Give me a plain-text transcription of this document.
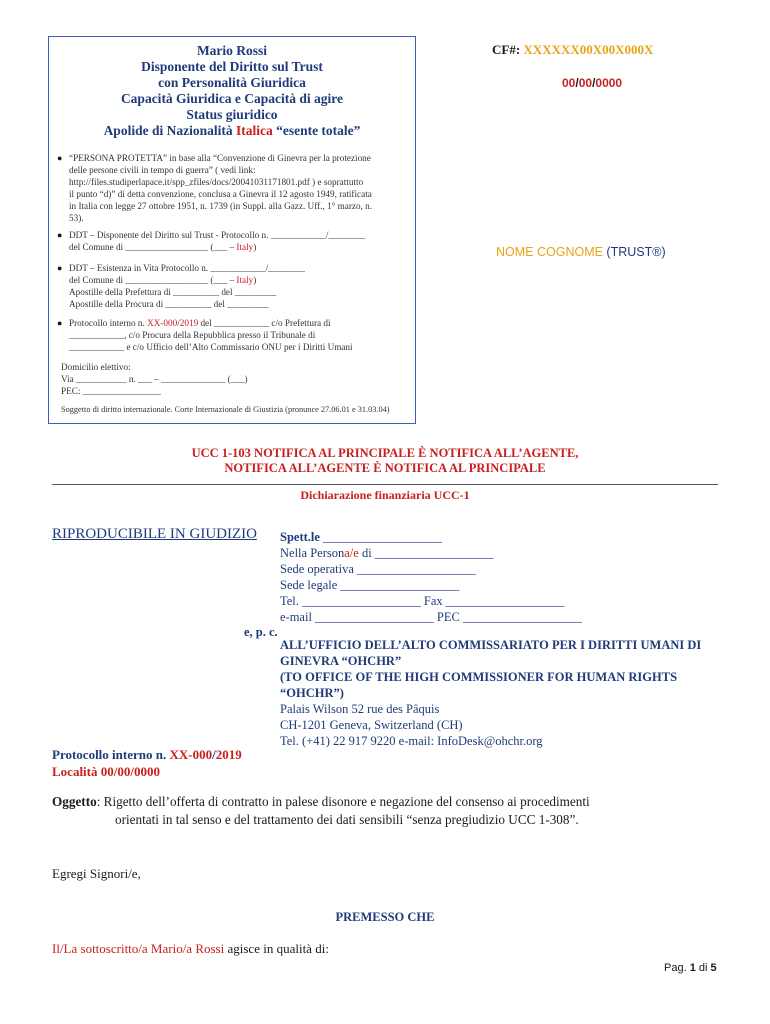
Mario Rossi
Disponente del Diritto sul Trust
con Personalità Giuridica
Capacità Giuridica e Capacità di agire
Status giuridico
Apolide di Nazionalità Italica “esente totale”
● “PERSONA PROTETTA” in base alla “Convenzione di Ginevra per la protezione
delle persone civili in tempo di guerra” ( vedi link:
http://files.studiperlapace.it/spp_zfiles/docs/20041031171801.pdf ) e soprattutto
il punto “d)” di detta convenzione, conclusa a Ginevra il 12 agosto 1949, ratificata
in Italia con legge 27 ottobre 1951, n. 1739 (in Suppl. alla Gazz. Uff., 1° marzo, n.
53).
● DDT – Disponente del Diritto sul Trust - Protocollo n. ____________/________
del Comune di __________________ (___ – Italy)
● DDT – Esistenza in Vita Protocollo n. ____________/________
del Comune di __________________ (___ – Italy)
Apostille della Prefettura di __________ del _________
Apostille della Procura di __________ del _________
● Protocollo interno n. XX-000/2019 del ____________ c/o Prefettura di
____________, c/o Procura della Repubblica presso il Tribunale di
____________ e c/o Ufficio dell’Alto Commissario ONU per i Diritti Umani
Domicilio elettivo:
Via ___________ n. ___ – ______________ (___)
PEC: _________________
Soggetto di diritto internazionale. Corte Internazionale di Giustizia (pronunce 27.06.01 e 31.03.04)
CF#: XXXXXX00X00X000X
00/00/0000
NOME COGNOME (TRUST®)
UCC 1-103 NOTIFICA AL PRINCIPALE È NOTIFICA ALL’AGENTE,
NOTIFICA ALL’AGENTE È NOTIFICA AL PRINCIPALE
Dichiarazione finanziaria UCC-1
RIPRODUCIBILE IN GIUDIZIO Spett.le ___________________
Nella Persona/e di ___________________
Sede operativa ___________________
Sede legale ___________________
Tel. ___________________ Fax ___________________
e-mail ___________________ PEC ___________________
e, p. c.
ALL’UFFICIO DELL’ALTO COMMISSARIATO PER I DIRITTI UMANI DI
GINEVRA “OHCHR”
(TO OFFICE OF THE HIGH COMMISSIONER FOR HUMAN RIGHTS
“OHCHR”)
Palais Wilson 52 rue des Pâquis
CH-1201 Geneva, Switzerland (CH)
Tel. (+41) 22 917 9220 e-mail: InfoDesk@ohchr.org
Protocollo interno n. XX-000/2019
Località 00/00/0000
Oggetto: Rigetto dell’offerta di contratto in palese disonore e negazione del consenso ai procedimenti
orientati in tal senso e del trattamento dei dati sensibili “senza pregiudizio UCC 1-308”.
Egregi Signori/e,
PREMESSO CHE
Il/La sottoscritto/a Mario/a Rossi agisce in qualità di:
Pag. 1 di 5
